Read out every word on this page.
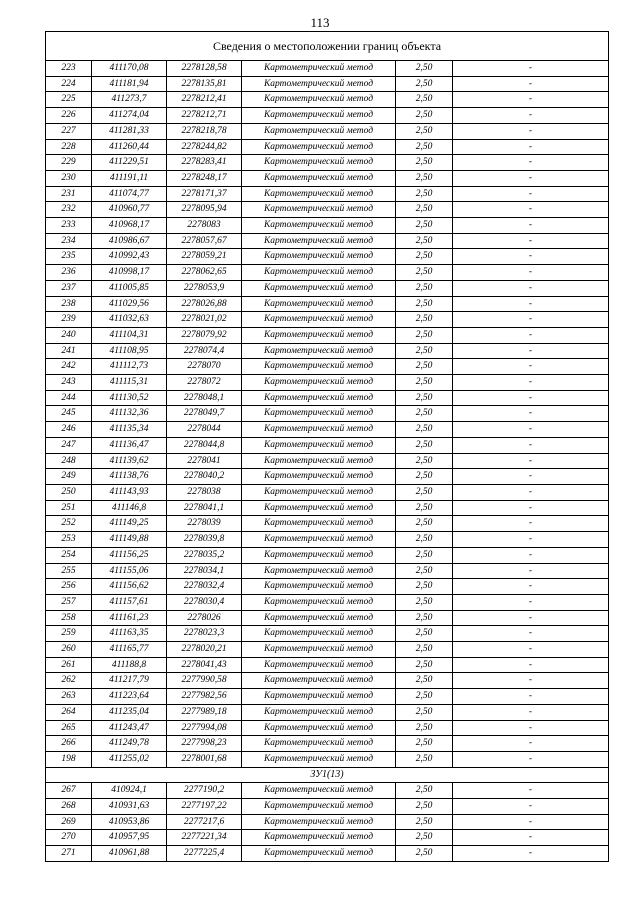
113
Сведения о местоположении границ объекта					
223	411170,08	2278128,58	Картометрический метод	2,50	-
224	411181,94	2278135,81	Картометрический метод	2,50	-
225	411273,7	2278212,41	Картометрический метод	2,50	-
226	411274,04	2278212,71	Картометрический метод	2,50	-
227	411281,33	2278218,78	Картометрический метод	2,50	-
228	411260,44	2278244,82	Картометрический метод	2,50	-
229	411229,51	2278283,41	Картометрический метод	2,50	-
230	411191,11	2278248,17	Картометрический метод	2,50	-
231	411074,77	2278171,37	Картометрический метод	2,50	-
232	410960,77	2278095,94	Картометрический метод	2,50	-
233	410968,17	2278083	Картометрический метод	2,50	-
234	410986,67	2278057,67	Картометрический метод	2,50	-
235	410992,43	2278059,21	Картометрический метод	2,50	-
236	410998,17	2278062,65	Картометрический метод	2,50	-
237	411005,85	2278053,9	Картометрический метод	2,50	-
238	411029,56	2278026,88	Картометрический метод	2,50	-
239	411032,63	2278021,02	Картометрический метод	2,50	-
240	411104,31	2278079,92	Картометрический метод	2,50	-
241	411108,95	2278074,4	Картометрический метод	2,50	-
242	411112,73	2278070	Картометрический метод	2,50	-
243	411115,31	2278072	Картометрический метод	2,50	-
244	411130,52	2278048,1	Картометрический метод	2,50	-
245	411132,36	2278049,7	Картометрический метод	2,50	-
246	411135,34	2278044	Картометрический метод	2,50	-
247	411136,47	2278044,8	Картометрический метод	2,50	-
248	411139,62	2278041	Картометрический метод	2,50	-
249	411138,76	2278040,2	Картометрический метод	2,50	-
250	411143,93	2278038	Картометрический метод	2,50	-
251	411146,8	2278041,1	Картометрический метод	2,50	-
252	411149,25	2278039	Картометрический метод	2,50	-
253	411149,88	2278039,8	Картометрический метод	2,50	-
254	411156,25	2278035,2	Картометрический метод	2,50	-
255	411155,06	2278034,1	Картометрический метод	2,50	-
256	411156,62	2278032,4	Картометрический метод	2,50	-
257	411157,61	2278030,4	Картометрический метод	2,50	-
258	411161,23	2278026	Картометрический метод	2,50	-
259	411163,35	2278023,3	Картометрический метод	2,50	-
260	411165,77	2278020,21	Картометрический метод	2,50	-
261	411188,8	2278041,43	Картометрический метод	2,50	-
262	411217,79	2277990,58	Картометрический метод	2,50	-
263	411223,64	2277982,56	Картометрический метод	2,50	-
264	411235,04	2277989,18	Картометрический метод	2,50	-
265	411243,47	2277994,08	Картометрический метод	2,50	-
266	411249,78	2277998,23	Картометрический метод	2,50	-
198	411255,02	2278001,68	Картометрический метод	2,50	-
ЗУ1(13)					
267	410924,1	2277190,2	Картометрический метод	2,50	-
268	410931,63	2277197,22	Картометрический метод	2,50	-
269	410953,86	2277217,6	Картометрический метод	2,50	-
270	410957,95	2277221,34	Картометрический метод	2,50	-
271	410961,88	2277225,4	Картометрический метод	2,50	-
